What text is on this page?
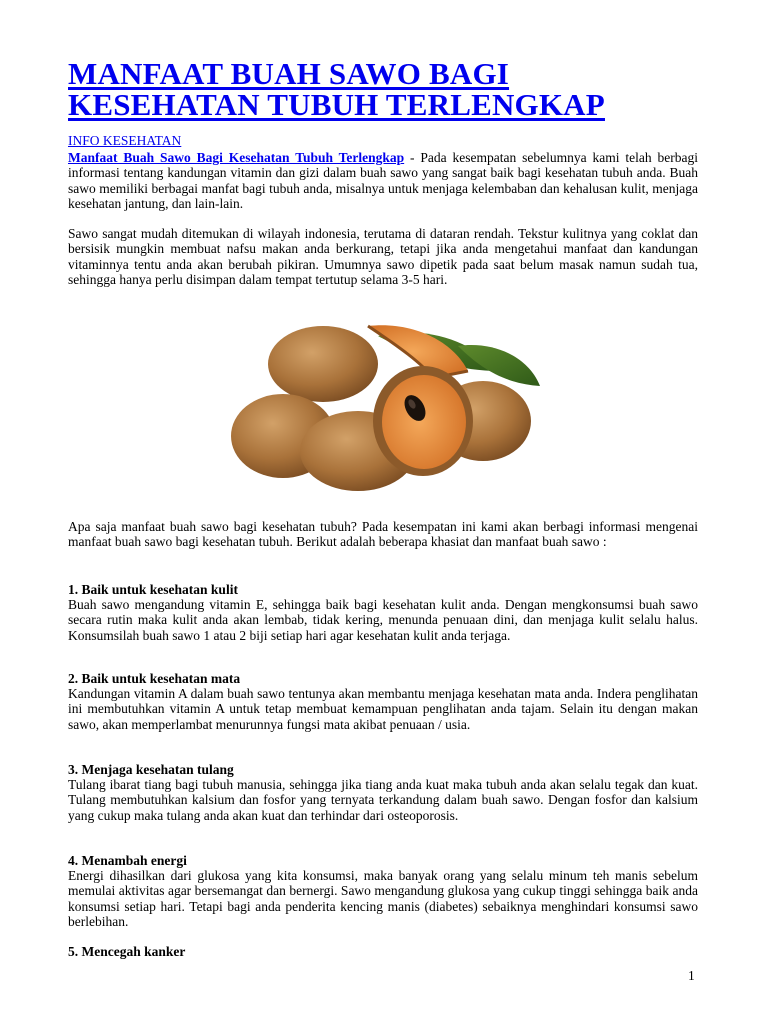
MANFAAT BUAH SAWO BAGI
KESEHATAN TUBUH TERLENGKAP
INFO KESEHATAN

Manfaat Buah Sawo Bagi Kesehatan Tubuh Terlengkap - Pada kesempatan sebelumnya kami telah berbagi informasi tentang kandungan vitamin dan gizi dalam buah sawo yang sangat baik bagi kesehatan tubuh anda. Buah sawo memiliki berbagai manfat bagi tubuh anda, misalnya untuk menjaga kelembaban dan kehalusan kulit, menjaga kesehatan jantung, dan lain-lain.

Sawo sangat mudah ditemukan di wilayah indonesia, terutama di dataran rendah. Tekstur kulitnya yang coklat dan bersisik mungkin membuat nafsu makan anda berkurang, tetapi jika anda mengetahui manfaat dan kandungan vitaminnya tentu anda akan berubah pikiran. Umumnya sawo dipetik pada saat belum masak namun sudah tua, sehingga hanya perlu disimpan dalam tempat tertutup selama 3-5 hari.

Apa saja manfaat buah sawo bagi kesehatan tubuh? Pada kesempatan ini kami akan berbagi informasi mengenai manfaat buah sawo bagi kesehatan tubuh. Berikut adalah beberapa khasiat dan manfaat buah sawo :

1. Baik untuk kesehatan kulit

Buah sawo mengandung vitamin E, sehingga baik bagi kesehatan kulit anda. Dengan mengkonsumsi buah sawo secara rutin maka kulit anda akan lembab, tidak kering, menunda penuaan dini, dan menjaga kulit selalu halus. Konsumsilah buah sawo 1 atau 2 biji setiap hari agar kesehatan kulit anda terjaga.

2. Baik untuk kesehatan mata

Kandungan vitamin A dalam buah sawo tentunya akan membantu menjaga kesehatan mata anda. Indera penglihatan ini membutuhkan vitamin A untuk tetap membuat kemampuan penglihatan anda tajam. Selain itu dengan makan sawo, akan memperlambat menurunnya fungsi mata akibat penuaan / usia.

3. Menjaga kesehatan tulang

Tulang ibarat tiang bagi tubuh manusia, sehingga jika tiang anda kuat maka tubuh anda akan selalu tegak dan kuat. Tulang membutuhkan kalsium dan fosfor yang ternyata terkandung dalam buah sawo. Dengan fosfor dan kalsium yang cukup maka tulang anda akan kuat dan terhindar dari osteoporosis.

4. Menambah energi

Energi dihasilkan dari glukosa yang kita konsumsi, maka banyak orang yang selalu minum teh manis sebelum memulai aktivitas agar bersemangat dan bernergi. Sawo mengandung glukosa yang cukup tinggi sehingga baik anda konsumsi setiap hari. Tetapi bagi anda penderita kencing manis (diabetes) sebaiknya menghindari konsumsi sawo berlebihan.

5. Mencegah kanker
1
